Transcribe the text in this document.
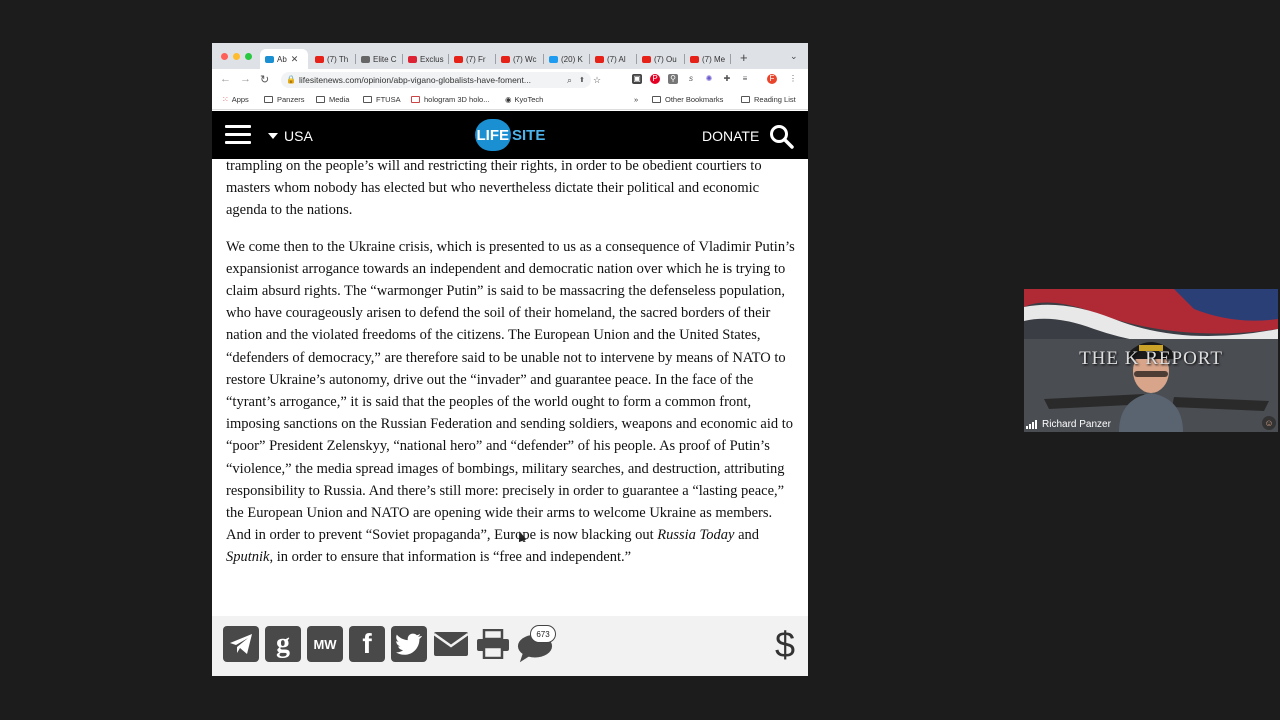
Ab ✕	(7) Th	Elite C	Exclus	(7) Fr	(7) Wc	(20) K	(7) Al	(7) Ou	(7) Me +	⌄
← → ↻ 🔒 lifesitenews.com/opinion/abp-vigano-globalists-have-foment...	⌕ ⬆ ☆	▣ P ⚲	s	✺ ✚	≡	F	⋮
⁙ Apps	Panzers	Media	FTUSA	hologram 3D holo... ◉ KyoTech	»	Other Bookmarks	Reading List
USA	LIFE SITE	DONATE

trampling on the people’s will and restricting their rights, in order to be obedient courtiers to masters whom nobody has elected but who nevertheless dictate their political and economic agenda to the nations.

We come then to the Ukraine crisis, which is presented to us as a consequence of Vladimir Putin’s expansionist arrogance towards an independent and democratic nation over which he is trying to claim absurd rights. The “warmonger Putin” is said to be massacring the defenseless population, who have courageously arisen to defend the soil of their homeland, the sacred borders of their nation and the violated freedoms of the citizens. The European Union and the United States, “defenders of democracy,” are therefore said to be unable not to intervene by means of NATO to restore Ukraine’s autonomy, drive out the “invader” and guarantee peace. In the face of the “tyrant’s arrogance,” it is said that the peoples of the world ought to form a common front, imposing sanctions on the Russian Federation and sending soldiers, weapons and economic aid to “poor” President Zelenskyy, “national hero” and “defender” of his people. As proof of Putin’s “violence,” the media spread images of bombings, military searches, and destruction, attributing responsibility to Russia. And there’s still more: precisely in order to guarantee a “lasting peace,” the European Union and NATO are opening wide their arms to welcome Ukraine as members. And in order to prevent “Soviet propaganda”, Europe is now blacking out Russia Today and Sputnik, in order to ensure that information is “free and independent.”

g	MW f	673	$
THE K REPORT
Richard Panzer	☺
